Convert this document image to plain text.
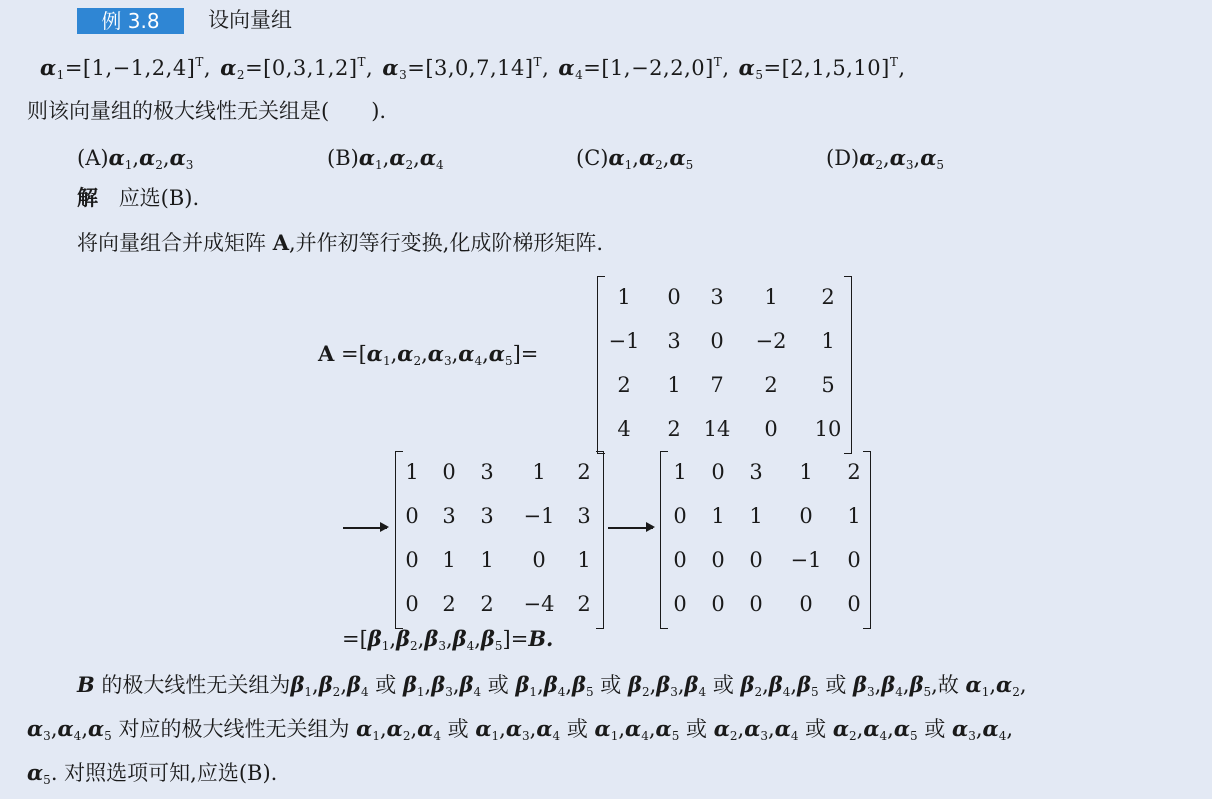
例 3.8	设向量组
$\alpha_1=[1,-1,2,4]^T$, $\alpha_2=[0,3,1,2]^T$, $\alpha_3=[3,0,7,14]^T$, $\alpha_4=[1,-2,2,0]^T$, $\alpha_5=[2,1,5,10]^T$,
则该向量组的极大线性无关组是(　　).
$(A)\alpha_1,\alpha_2,\alpha_3$	$(B)\alpha_1,\alpha_2,\alpha_4$	$(C)\alpha_1,\alpha_2,\alpha_5$	$(D)\alpha_2,\alpha_3,\alpha_5$
解 应选(B).
将向量组合并成矩阵 A,并作初等行变换,化成阶梯形矩阵.
$A =[\alpha_1,\alpha_2,\alpha_3,\alpha_4,\alpha_5]=$
1	0	3	1	2
−1	3	0	−2	1
2	1	7	2	5
4	2	14	0	10
1	0	3	1	2
0	3	3	−1	3
0	1	1	0	1
0	2	2	−4	2
1	0	3	1	2
0	1	1	0	1
0	0	0	−1	0
0	0	0	0	0
$=[\beta_1,\beta_2,\beta_3,\beta_4,\beta_5]=B$.
B 的极大线性无关组为$\beta_1,\beta_2,\beta_4$ 或 $\beta_1,\beta_3,\beta_4$ 或 $\beta_1,\beta_4,\beta_5$ 或 $\beta_2,\beta_3,\beta_4$ 或 $\beta_2,\beta_4,\beta_5$ 或 $\beta_3,\beta_4,\beta_5$,故 $\alpha_1,\alpha_2$,
$\alpha_3,\alpha_4,\alpha_5$ 对应的极大线性无关组为 $\alpha_1,\alpha_2,\alpha_4$ 或 $\alpha_1,\alpha_3,\alpha_4$ 或 $\alpha_1,\alpha_4,\alpha_5$ 或 $\alpha_2,\alpha_3,\alpha_4$ 或 $\alpha_2,\alpha_4,\alpha_5$ 或 $\alpha_3,\alpha_4$,
$\alpha_5$. 对照选项可知,应选(B).
